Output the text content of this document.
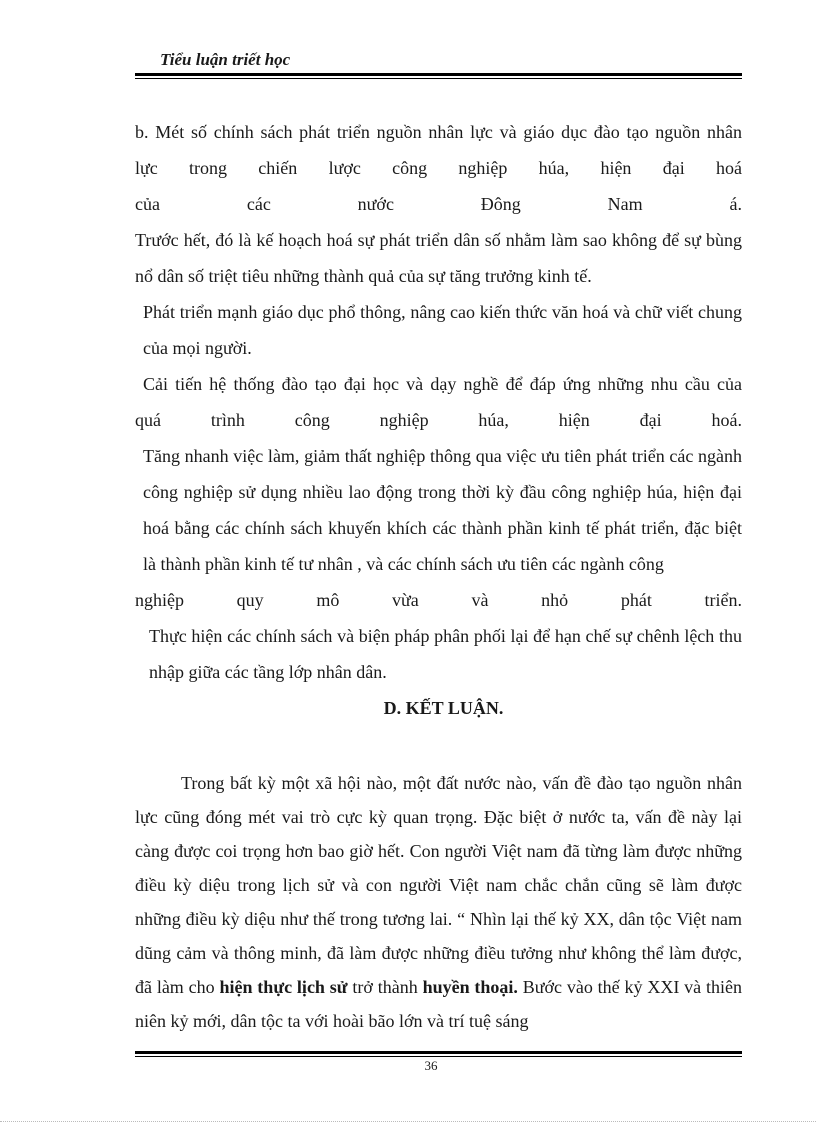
Tiểu luận triết học

b. Mét số chính sách phát triển nguồn nhân lực và giáo dục đào tạo nguồn nhân

lực trong chiến lược công nghiệp húa, hiện đại hoá

của các nước Đông Nam á.

Trước hết, đó là kế hoạch hoá sự phát triển dân số nhằm làm sao không để sự bùng nổ dân số triệt tiêu những thành quả của sự tăng trưởng kinh tế.

Phát triển mạnh giáo dục phổ thông, nâng cao kiến thức văn hoá và chữ viết chung của mọi người.

Cải tiến hệ thống đào tạo đại học và dạy nghề để đáp ứng những nhu cầu của

quá trình công nghiệp húa, hiện đại hoá.

Tăng nhanh việc làm, giảm thất nghiệp thông qua việc ưu tiên phát triển các ngành công nghiệp sử dụng nhiều lao động trong thời kỳ đầu công nghiệp húa, hiện đại hoá bằng các chính sách khuyến khích các thành phần kinh tế phát triển, đặc biệt là thành phần kinh tế tư nhân , và các chính sách ưu tiên các ngành công

nghiệp quy mô vừa và nhỏ phát triển.

Thực hiện các chính sách và biện pháp phân phối lại để hạn chế sự chênh lệch thu nhập giữa các tầng lớp nhân dân.

D. KẾT LUẬN.

Trong bất kỳ một xã hội nào, một đất nước nào, vấn đề đào tạo nguồn nhân lực cũng đóng mét vai trò cực kỳ quan trọng. Đặc biệt ở nước ta, vấn đề này lại càng được coi trọng hơn bao giờ hết. Con người Việt nam đã từng làm được những điều kỳ diệu trong lịch sử và con người Việt nam chắc chắn cũng sẽ làm được những điều kỳ diệu như thế trong tương lai. “ Nhìn lại thế kỷ XX, dân tộc Việt nam dũng cảm và thông minh, đã làm được những điều tưởng như không thể làm được, đã làm cho hiện thực lịch sử trở thành huyền thoại. Bước vào thế kỷ XXI và thiên niên kỷ mới, dân tộc ta với hoài bão lớn và trí tuệ sáng

36
